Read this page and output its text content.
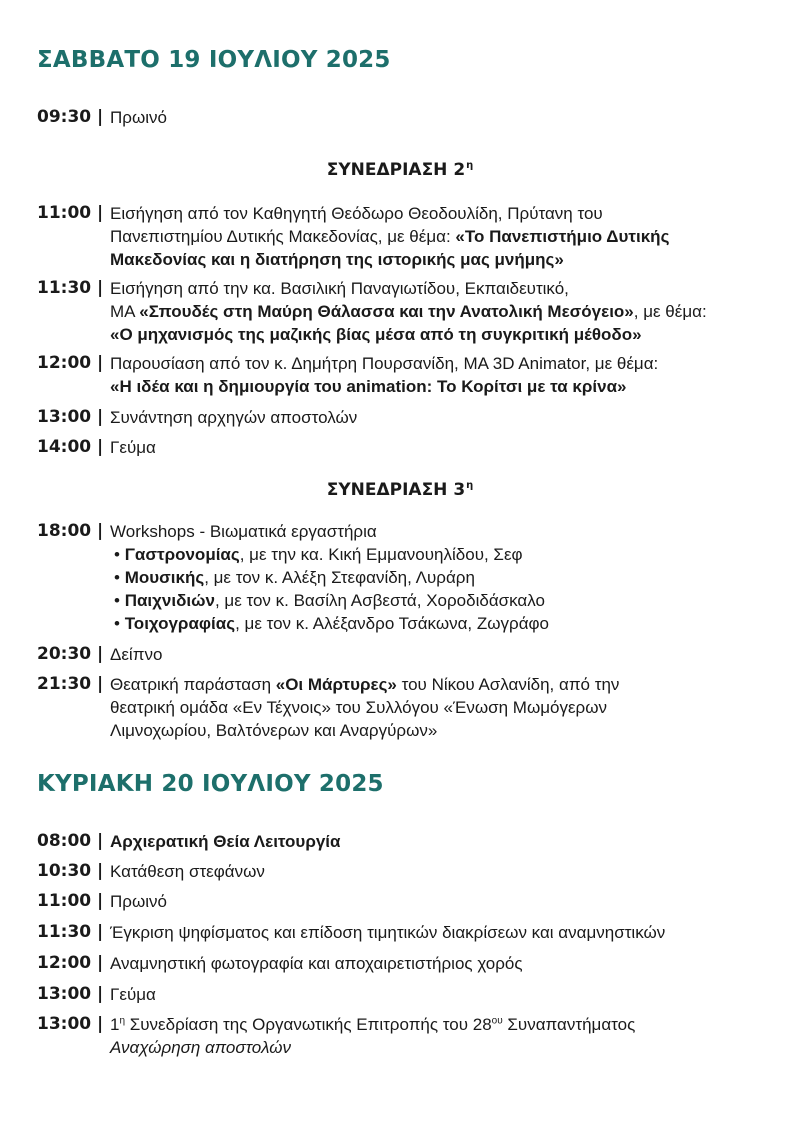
ΣΑΒΒΑΤΟ 19 ΙΟΥΛΙΟΥ 2025
09:30 | Πρωινό
ΣΥΝΕΔΡΙΑΣΗ $2^\eta$
11:00 | Εισήγηση από τον Καθηγητή Θεόδωρο Θεοδουλίδη, Πρύτανη του
Πανεπιστημίου Δυτικής Μακεδονίας, με θέμα: «Το Πανεπιστήμιο Δυτικής
Μακεδονίας και η διατήρηση της ιστορικής μας μνήμης»
11:30 | Εισήγηση από την κα. Βασιλική Παναγιωτίδου, Εκπαιδευτικό,
MA «Σπουδές στη Μαύρη Θάλασσα και την Ανατολική Μεσόγειο», με θέμα:
«Ο μηχανισμός της μαζικής βίας μέσα από τη συγκριτική μέθοδο»
12:00 | Παρουσίαση από τον κ. Δημήτρη Πουρσανίδη, MA 3D Animator, με θέμα:
«Η ιδέα και η δημιουργία του animation: Το Κορίτσι με τα κρίνα»
13:00 | Συνάντηση αρχηγών αποστολών
14:00 | Γεύμα
ΣΥΝΕΔΡΙΑΣΗ $3^\eta$
18:00 | Workshops - Βιωματικά εργαστήρια
• Γαστρονομίας, με την κα. Κική Εμμανουηλίδου, Σεφ
• Μουσικής, με τον κ. Αλέξη Στεφανίδη, Λυράρη
• Παιχνιδιών, με τον κ. Βασίλη Ασβεστά, Χοροδιδάσκαλο
• Τοιχογραφίας, με τον κ. Αλέξανδρο Τσάκωνα, Ζωγράφο
20:30 | Δείπνο
21:30 | Θεατρική παράσταση «Οι Μάρτυρες» του Νίκου Ασλανίδη, από την
θεατρική ομάδα «Εν Τέχνοις» του Συλλόγου «Ένωση Μωμόγερων
Λιμνοχωρίου, Βαλτόνερων και Αναργύρων»
ΚΥΡΙΑΚΗ 20 ΙΟΥΛΙΟΥ 2025
08:00 | Αρχιερατική Θεία Λειτουργία
10:30 | Κατάθεση στεφάνων
11:00 | Πρωινό
11:30 | Έγκριση ψηφίσματος και επίδοση τιμητικών διακρίσεων και αναμνηστικών
12:00 | Αναμνηστική φωτογραφία και αποχαιρετιστήριος χορός
13:00 | Γεύμα
13:00 | $1^\eta$ Συνεδρίαση της Οργανωτικής Επιτροπής του $28^{o\upsilon}$ Συναπαντήματος
Αναχώρηση αποστολών
